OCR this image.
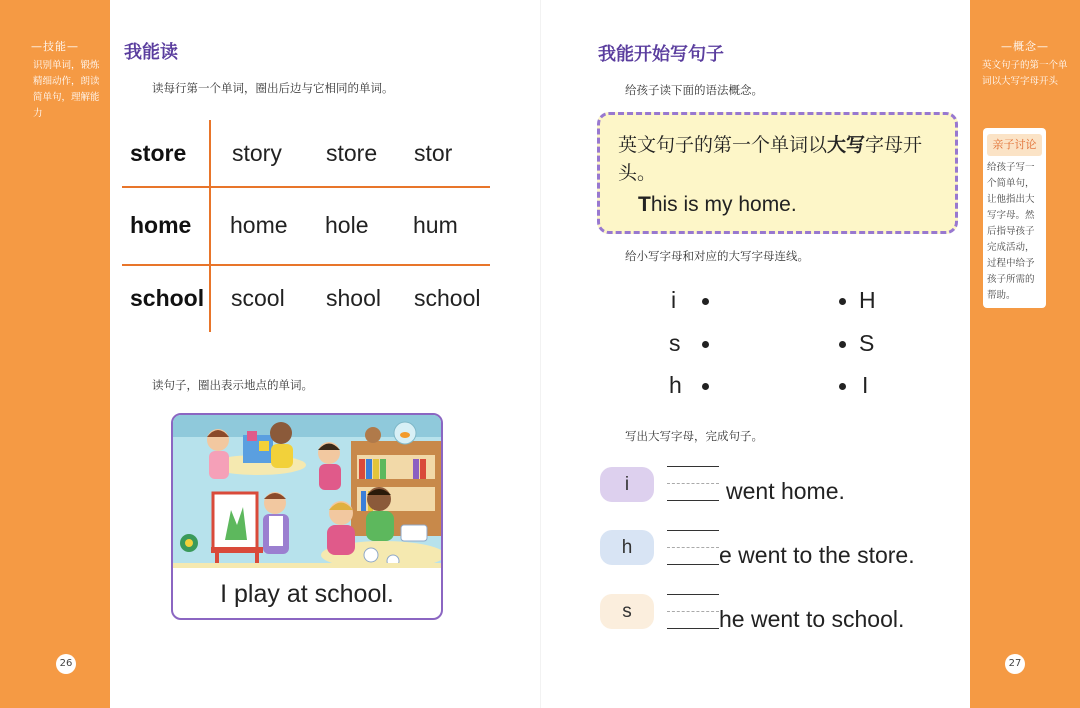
—技能—
识别单词，锻炼精细动作，朗读简单句，理解能力
26
—概念—
英文句子的第一个单词以大写字母开头
亲子讨论
给孩子写一个简单句，让他指出大写字母。然后指导孩子完成活动，过程中给予孩子所需的帮助。
27
我能读
读每行第一个单词，圈出后边与它相同的单词。
store story store stor
home home hole hum
school scool shool school
读句子，圈出表示地点的单词。
I play at school.
我能开始写句子
给孩子读下面的语法概念。
英文句子的第一个单词以大写字母开头。
This is my home.
给小写字母和对应的大写字母连线。
i
s
h
H
S
I
写出大写字母，完成句子。
i	went home.
h	e went to the store.
s	he went to school.
